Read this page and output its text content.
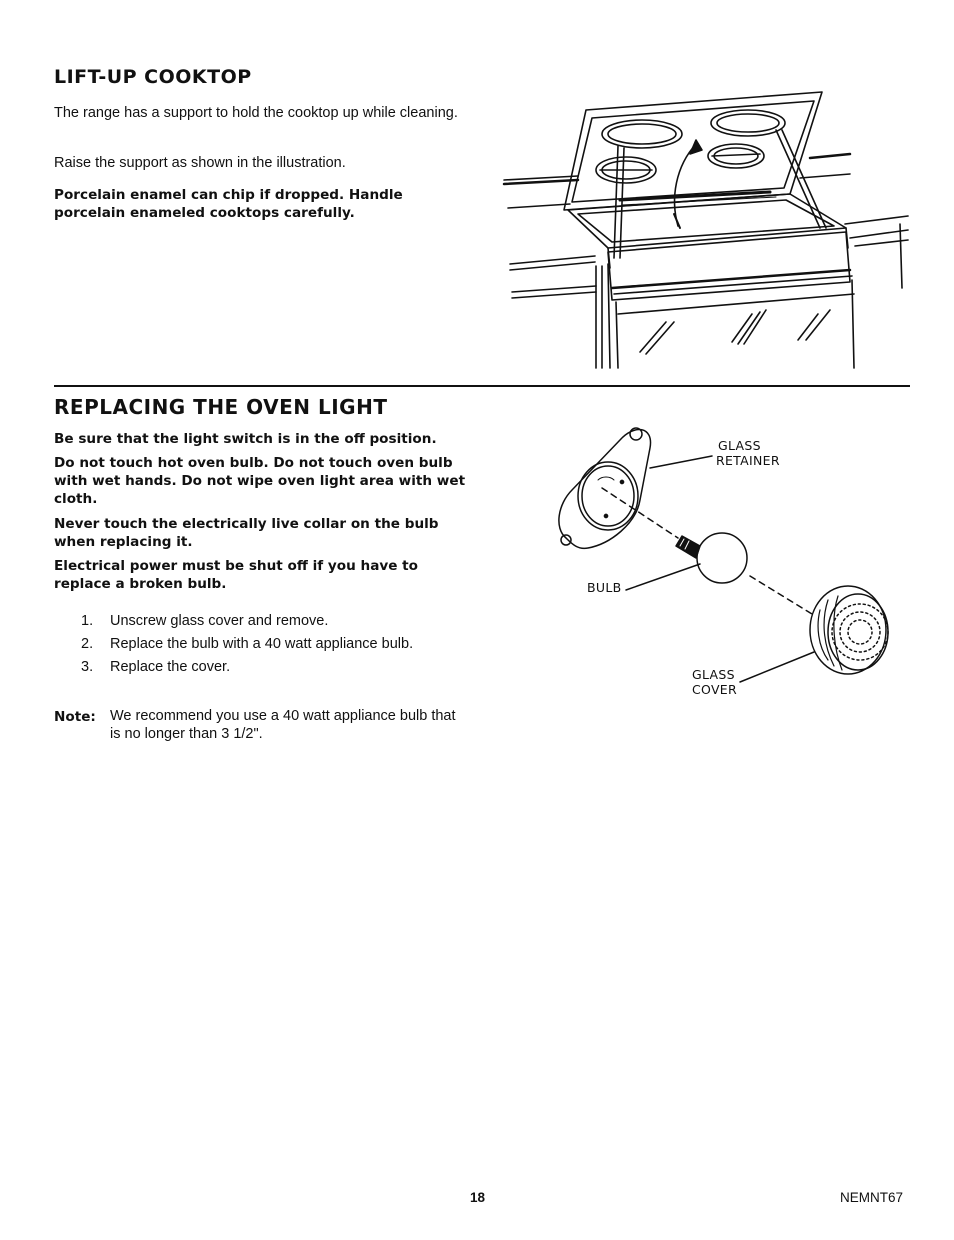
LIFT-UP COOKTOP

The range has a support to hold the cooktop up while cleaning.

Raise the support as shown in the illustration.

Porcelain enamel can chip if dropped. Handle porcelain enameled cooktops carefully.

REPLACING THE OVEN LIGHT

Be sure that the light switch is in the off position.

Do not touch hot oven bulb. Do not touch oven bulb with wet hands. Do not wipe oven light area with wet cloth.

Never touch the electrically live collar on the bulb when replacing it.

Electrical power must be shut off if you have to replace a broken bulb.

1. Unscrew glass cover and remove.
2. Replace the bulb with a 40 watt appliance bulb.
3. Replace the cover.
Note: We recommend you use a 40 watt appliance bulb that is no longer than 3 1/2".

GLASS
RETAINER
BULB
GLASS
COVER
18	NEMNT67
